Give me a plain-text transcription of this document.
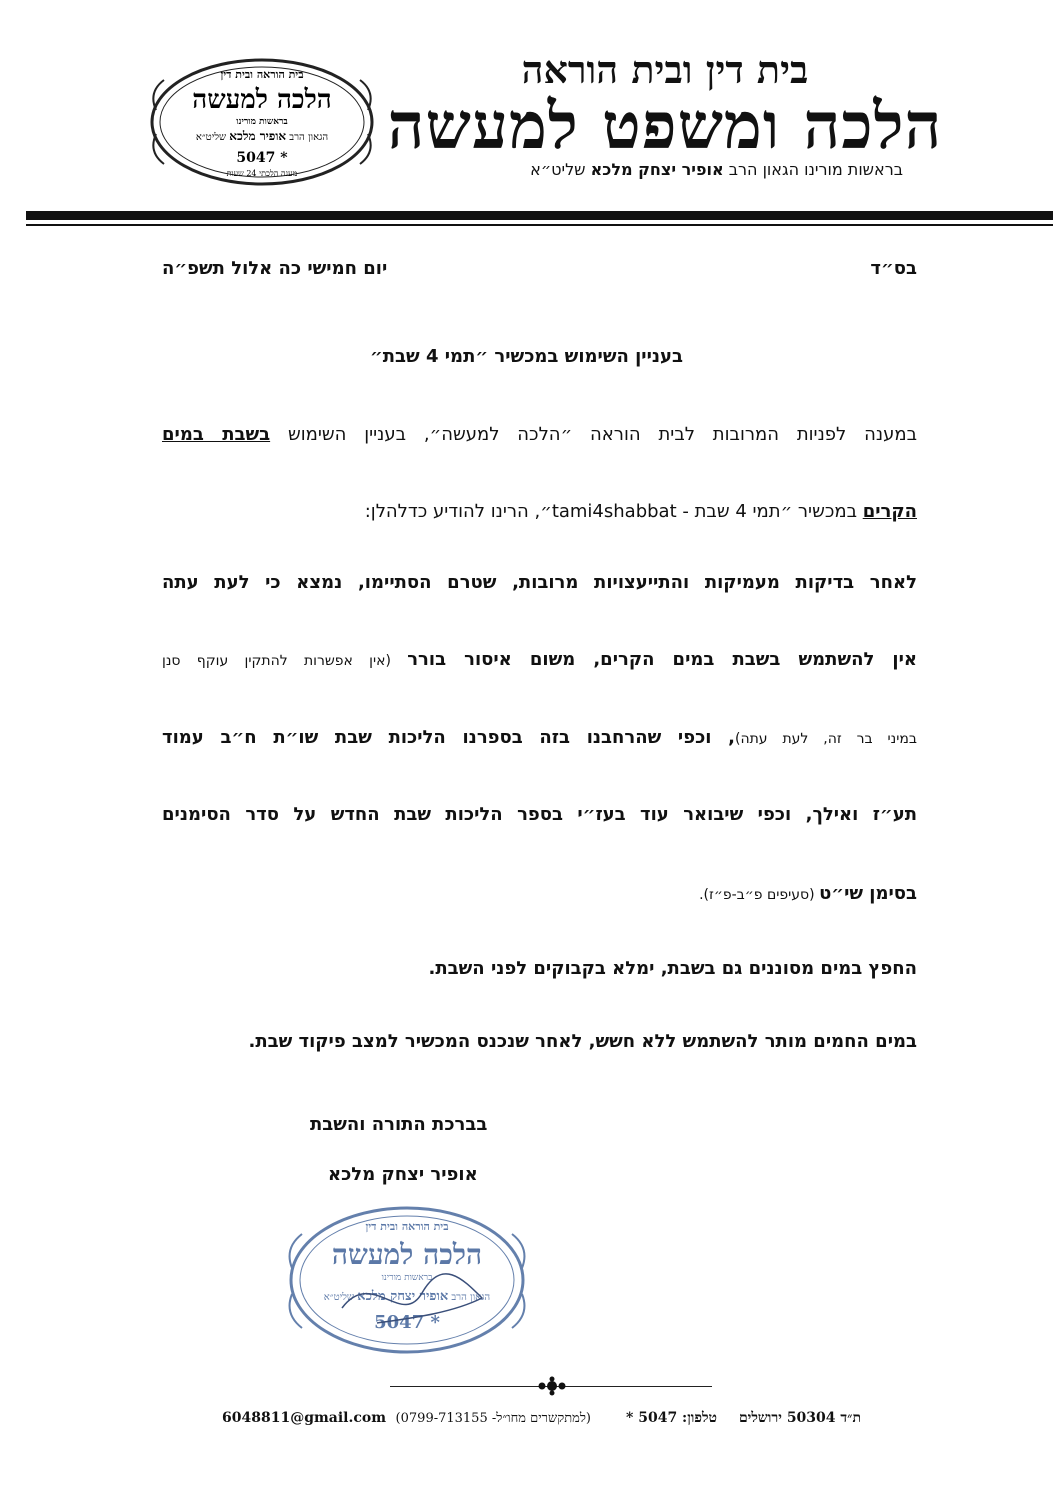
בית הוראה ובית דין
הלכה למעשה
בראשות מורינו
הגאון הרב אופיר מלכא שליט״א
5047 *
מענה הלכתי 24 שעות
בית דין ובית הוראה
הלכה ומשפט למעשה
בראשות מורינו הגאון הרב אופיר יצחק מלכא שליט״א
בס״ד
יום חמישי כה אלול תשפ״ה
בעניין השימוש במכשיר ״תמי 4 שבת״
במענה לפניות המרובות לבית הוראה ״הלכה למעשה״, בעניין השימוש בשבת במים
הקרים במכשיר ״תמי 4 שבת - tami4shabbat״, הרינו להודיע כדלהלן:
לאחר בדיקות מעמיקות והתייעצויות מרובות, שטרם הסתיימו, נמצא כי לעת עתה
אין להשתמש בשבת במים הקרים, משום איסור בורר (אין אפשרות להתקין עוקף סנן
במיני בר זה, לעת עתה), וכפי שהרחבנו בזה בספרנו הליכות שבת שו״ת ח״ב עמוד
תע״ז ואילך, וכפי שיבואר עוד בעז״י בספר הליכות שבת החדש על סדר הסימנים
בסימן שי״ט (סעיפים פ״ב-פ״ז).
החפץ במים מסוננים גם בשבת, ימלא בקבוקים לפני השבת.
במים החמים מותר להשתמש ללא חשש, לאחר שנכנס המכשיר למצב פיקוד שבת.
בברכת התורה והשבת
אופיר יצחק מלכא
בית הוראה ובית דין
הלכה למעשה
בראשות מורינו
הגאון הרב אופיר יצחק מלכא שליט״א
5047 *
ת״ד 50304 ירושלים
טלפון: 5047 *
(למתקשרים מחו״ל- 0799-713155)
6048811@gmail.com
